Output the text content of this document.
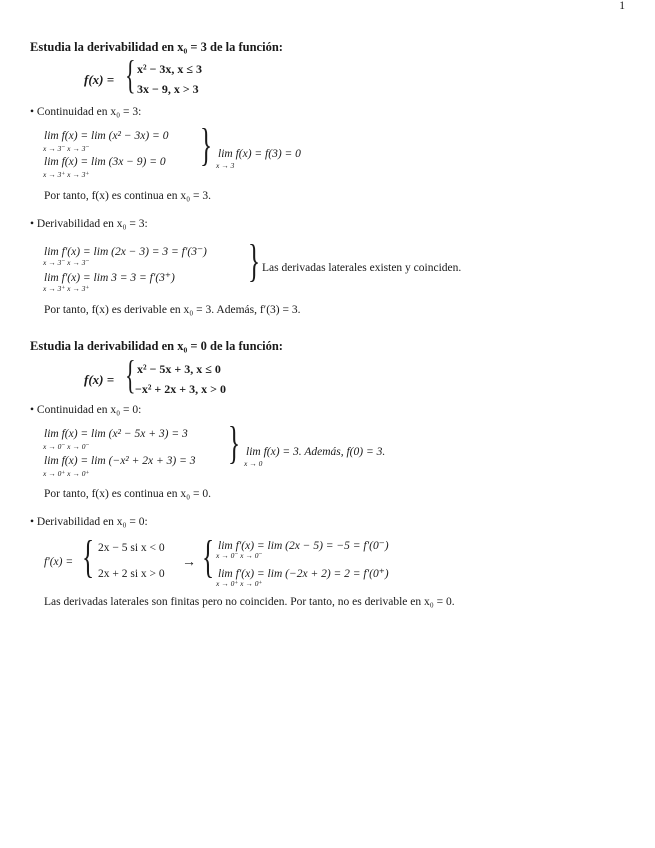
1
Estudia la derivabilidad en x₀ = 3 de la función:
f(x) = { x² − 3x, x ≤ 3
3x − 9, x > 3
• Continuidad en x₀ = 3:
lim f(x) = lim (x² − 3x) = 0
x → 3⁻ x → 3⁻
lim f(x) = lim (3x − 9) = 0
x → 3⁺ x → 3⁺
} lim f(x) = f(3) = 0
x → 3
Por tanto, f(x) es continua en x₀ = 3.
• Derivabilidad en x₀ = 3:
lim f′(x) = lim (2x − 3) = 3 = f′(3⁻)
x → 3⁻ x → 3⁻
lim f′(x) = lim 3 = 3 = f′(3⁺)
x → 3⁺ x → 3⁺
} Las derivadas laterales existen y coinciden.
Por tanto, f(x) es derivable en x₀ = 3. Además, f′(3) = 3.
Estudia la derivabilidad en x₀ = 0 de la función:
f(x) = { x² − 5x + 3, x ≤ 0
−x² + 2x + 3, x > 0
• Continuidad en x₀ = 0:
lim f(x) = lim (x² − 5x + 3) = 3
x → 0⁻ x → 0⁻
lim f(x) = lim (−x² + 2x + 3) = 3
x → 0⁺ x → 0⁺
} lim f(x) = 3. Además, f(0) = 3.
x → 0
Por tanto, f(x) es continua en x₀ = 0.
• Derivabilidad en x₀ = 0:
f′(x) = { 2x − 5 si x < 0
2x + 2 si x > 0
→ { lim f′(x) = lim (2x − 5) = −5 = f′(0⁻)
x → 0⁻ x → 0⁻
lim f′(x) = lim (−2x + 2) = 2 = f′(0⁺)
x → 0⁺ x → 0⁺
Las derivadas laterales son finitas pero no coinciden. Por tanto, no es derivable en x₀ = 0.
